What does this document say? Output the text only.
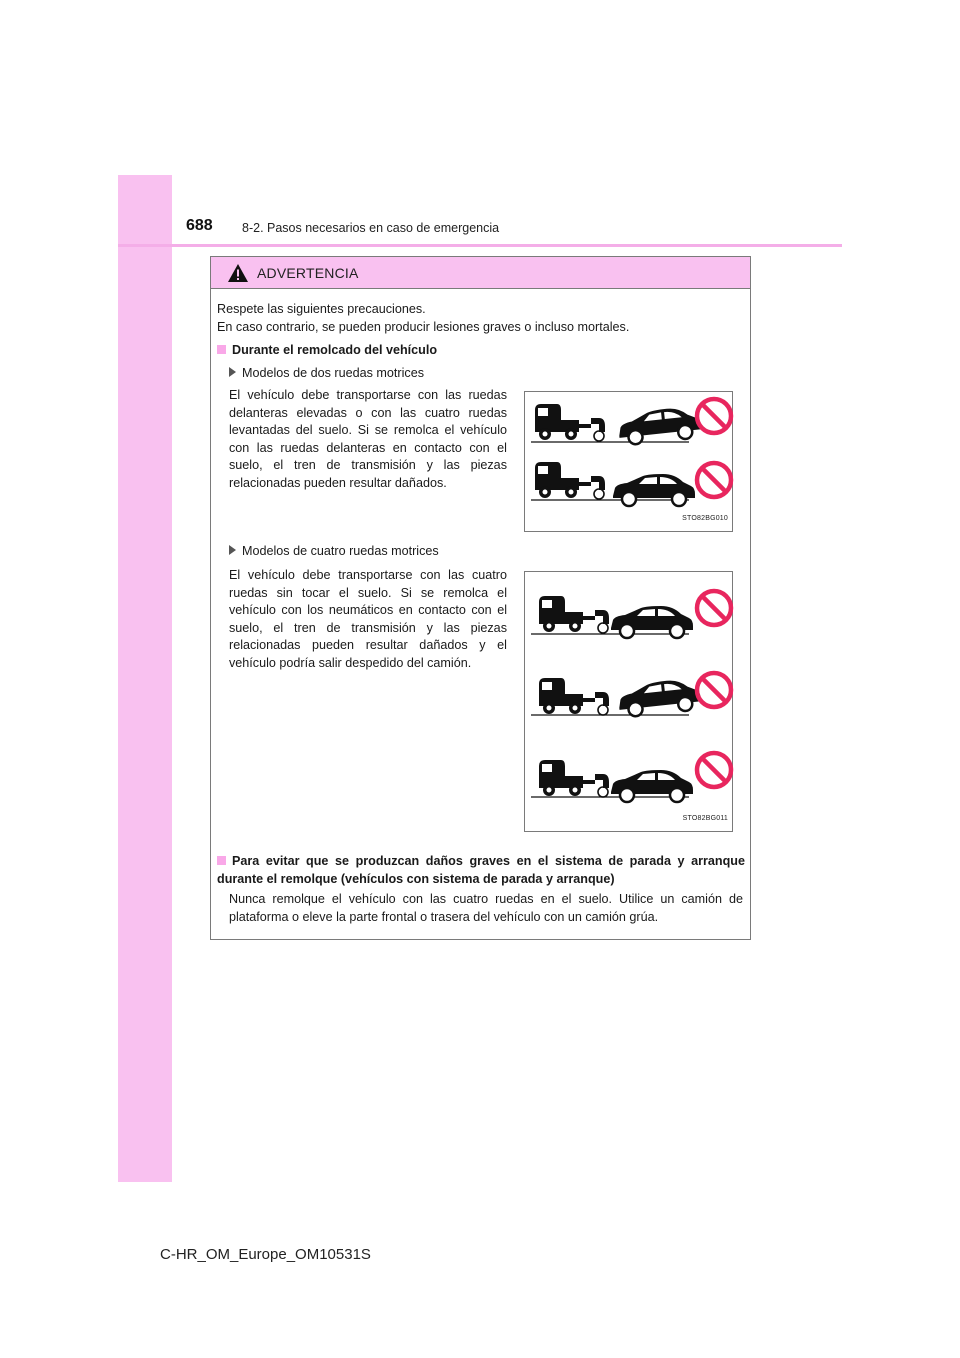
688 8-2. Pasos necesarios en caso de emergencia
ADVERTENCIA
Respete las siguientes precauciones.
En caso contrario, se pueden producir lesiones graves o incluso mortales.
Durante el remolcado del vehículo
Modelos de dos ruedas motrices
El vehículo debe transportarse con las ruedas delanteras elevadas o con las cuatro ruedas levantadas del suelo. Si se remolca el vehículo con las ruedas delanteras en contacto con el suelo, el tren de transmisión y las piezas relacionadas pueden resultar dañados.
STO82BG010
Modelos de cuatro ruedas motrices
El vehículo debe transportarse con las cuatro ruedas sin tocar el suelo. Si se remolca el vehículo con los neumáticos en contacto con el suelo, el tren de transmisión y las piezas relacionadas pueden resultar dañados y el vehículo podría salir despedido del camión.
STO82BG011
Para evitar que se produzcan daños graves en el sistema de parada y arranque durante el remolque (vehículos con sistema de parada y arranque)
Nunca remolque el vehículo con las cuatro ruedas en el suelo. Utilice un camión de plataforma o eleve la parte frontal o trasera del vehículo con un camión grúa.
C-HR_OM_Europe_OM10531S
